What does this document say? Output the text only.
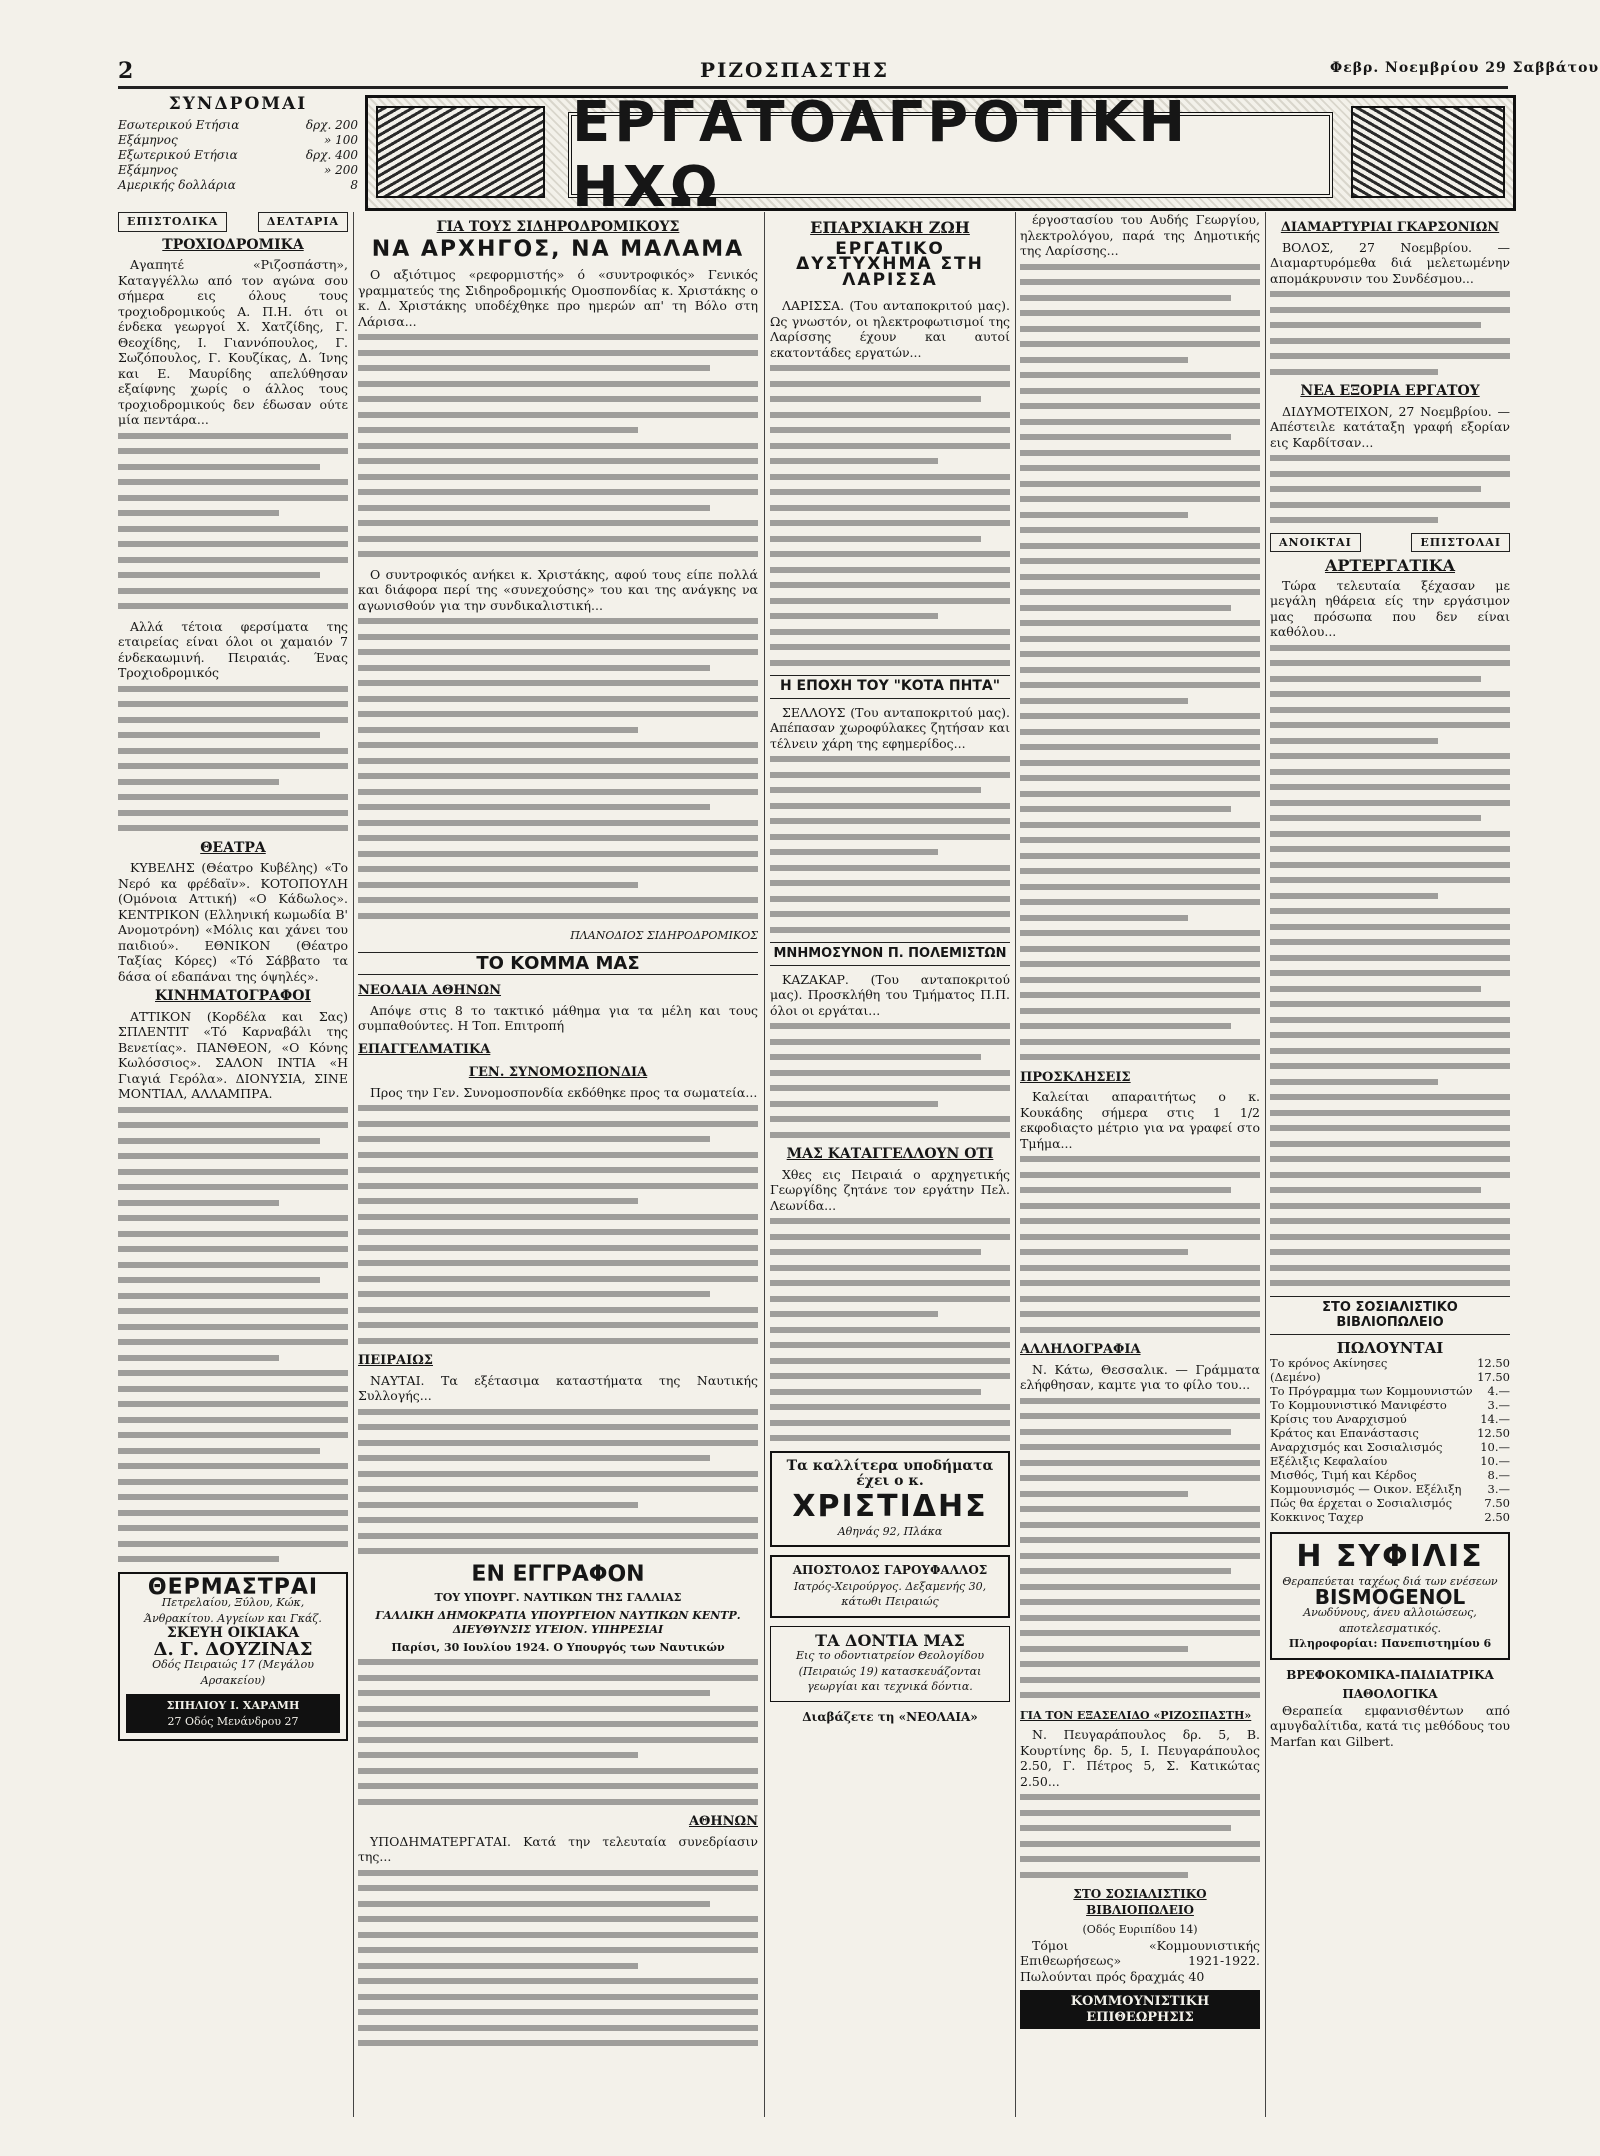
2	ΡΙΖΟΣΠΑΣΤΗΣ	Φεβρ. Νοεμβρίου 29 Σαββάτου
ΣΥΝΔΡΟΜΑΙ
Εσωτερικού Ετήσια	δρχ. 200
Εξάμηνος	» 100
Εξωτερικού Ετήσια	δρχ. 400
Εξάμηνος	» 200
Αμερικής δολλάρια	8
ΕΡΓΑΤΟΑΓΡΟΤΙΚΗ ΗΧΩ
ΕΠΙΣΤΟΛΙΚΑ	ΔΕΛΤΑΡΙΑ
ΤΡΟΧΙΟΔΡΟΜΙΚΑ

Αγαπητέ «Ριζοσπάστη», Καταγγέλλω από τον αγώνα σου σήμερα εις όλους τους τροχιοδρομικούς Α. Π.Η. ότι οι ένδεκα γεωργοί Χ. Χατζίδης, Γ. Θεοχίδης, Ι. Γιαννόπουλος, Γ. Σωζόπουλος, Γ. Κουζίκας, Δ. Ίνης και Ε. Μαυρίδης απελύθησαν εξαίφνης χωρίς ο άλλος τους τροχιοδρομικούς δεν έδωσαν ούτε μία πεντάρα...

Αλλά τέτοια φερσίματα της εταιρείας είναι όλοι οι χαμαιόν 7 ένδεκαωμινή. Πειραιάς. Ένας Τροχιοδρομικός

ΘΕΑΤΡΑ

ΚΥΒΕΛΗΣ (Θέατρο Κυβέλης) «Το Νερό κα φρέδαϊν». ΚΟΤΟΠΟΥΛΗ (Ομόνοια Αττική) «Ο Κάδωλος». ΚΕΝΤΡΙΚΟΝ (Ελληνική κωμωδία Β' Ανομοτρόνη) «Μόλις και χάνει του παιδιού». ΕΘΝΙΚΟΝ (Θέατρο Ταξίας Κόρες) «Τό Σάββατο τα δάσα οί εδαπάναι της όψηλές».

ΚΙΝΗΜΑΤΟΓΡΑΦΟΙ

ΑΤΤΙΚΟΝ (Κορδέλα και Σας) ΣΠΛΕΝΤΙΤ «Τό Καρναβάλι της Βενετίας». ΠΑΝΘΕΟΝ, «Ο Κόνης Κωλόσσιος». ΣΑΛΟΝ ΙΝΤΙΑ «Η Γιαγιά Γερόλα». ΔΙΟΝΥΣΙΑ, ΣΙΝΕ ΜΟΝΤΙΑΛ, ΑΛΛΑΜΠΡΑ.

ΘΕΡΜΑΣΤΡΑΙ
Πετρελαίου, Ξύλου, Κώκ, Άνθρακίτου. Αγγείων και Γκάζ.
ΣΚΕΥΗ ΟΙΚΙΑΚΑ
Δ. Γ. ΔΟΥΖΙΝΑΣ
Οδός Πειραιώς 17 (Μεγάλου Αρσακείου)
ΣΠΗΛΙΟΥ Ι. ΧΑΡΑΜΗ
27 Οδός Μενάνδρου 27
ΓΙΑ ΤΟΥΣ ΣΙΔΗΡΟΔΡΟΜΙΚΟΥΣ
ΝΑ ΑΡΧΗΓΟΣ, ΝΑ ΜΑΛΑΜΑ

Ο αξιότιμος «ρεφορμιστής» ό «συντροφικός» Γενικός γραμματεύς της Σιδηροδρομικής Ομοσπονδίας κ. Χριστάκης ο κ. Δ. Χριστάκης υποδέχθηκε προ ημερών απ' τη Βόλο στη Λάρισα...

Ο συντροφικός ανήκει κ. Χριστάκης, αφού τους είπε πολλά και διάφορα περί της «συνεχούσης» του και της ανάγκης να αγωνισθούν για την συνδικαλιστική...

ΠΛΑΝΟΔΙΟΣ ΣΙΔΗΡΟΔΡΟΜΙΚΟΣ
ΤΟ ΚΟΜΜΑ ΜΑΣ
ΝΕΟΛΑΙΑ ΑΘΗΝΩΝ

Απόψε στις 8 το τακτικό μάθημα για τα μέλη και τους συμπαθούντες. Η Τοπ. Επιτροπή

ΕΠΑΓΓΕΛΜΑΤΙΚΑ
ΓΕΝ. ΣΥΝΟΜΟΣΠΟΝΔΙΑ

Προς την Γεν. Συνομοσπονδία εκδόθηκε προς τα σωματεία...

ΠΕΙΡΑΙΩΣ

ΝΑΥΤΑΙ. Τα εξέτασιμα καταστήματα της Ναυτικής Συλλογής...

ΕΝ ΕΓΓΡΑΦΟΝ
ΤΟΥ ΥΠΟΥΡΓ. ΝΑΥΤΙΚΩΝ ΤΗΣ ΓΑΛΛΙΑΣ
ΓΑΛΛΙΚΗ ΔΗΜΟΚΡΑΤΙΑ ΥΠΟΥΡΓΕΙΟΝ ΝΑΥΤΙΚΩΝ ΚΕΝΤΡ. ΔΙΕΥΘΥΝΣΙΣ ΥΓΕΙΟΝ. ΥΠΗΡΕΣΙΑΙ
Παρίσι, 30 Ιουλίου 1924. Ο Υπουργός των Ναυτικών
ΑΘΗΝΩΝ

ΥΠΟΔΗΜΑΤΕΡΓΑΤΑΙ. Κατά την τελευταία συνεδρίασιν της...

ΕΠΑΡΧΙΑΚΗ ΖΩΗ
ΕΡΓΑΤΙΚΟ ΔΥΣΤΥΧΗΜΑ ΣΤΗ ΛΑΡΙΣΣΑ

ΛΑΡΙΣΣΑ. (Του ανταποκριτού μας). Ως γνωστόν, οι ηλεκτροφωτισμοί της Λαρίσσης έχουν και αυτοί εκατοντάδες εργατών...

Η ΕΠΟΧΗ ΤΟΥ "ΚΟΤΑ ΠΗΤΑ"

ΣΕΛΛΟΥΣ (Του ανταποκριτού μας). Απέπασαν χωροφύλακες ζητήσαν και τέλνειν χάρη της εφημερίδος...

ΜΝΗΜΟΣΥΝΟΝ Π. ΠΟΛΕΜΙΣΤΩΝ

ΚΑΖΑΚΑΡ. (Του ανταποκριτού μας). Προσκλήθη του Τμήματος Π.Π. όλοι οι εργάται...

ΜΑΣ ΚΑΤΑΓΓΕΛΛΟΥΝ ΟΤΙ

Χθες εις Πειραιά ο αρχηγετικής Γεωργίδης ζητάνε τον εργάτην Πελ. Λεωνίδα...

Τα καλλίτερα υποδήματα έχει ο κ.
ΧΡΙΣΤΙΔΗΣ
Αθηνάς 92, Πλάκα
ΑΠΟΣΤΟΛΟΣ ΓΑΡΟΥΦΑΛΛΟΣ
Ιατρός-Χειρούργος. Δεξαμενής 30, κάτωθι Πειραιώς
ΤΑ ΔΟΝΤΙΑ ΜΑΣ
Εις το οδοντιατρείον Θεολογίδου (Πειραιώς 19) κατασκευάζονται γεωργίαι και τεχνικά δόντια.
Διαβάζετε τη «ΝΕΟΛΑΙΑ»

έργοστασίου του Αυδής Γεωργίου, ηλεκτρολόγου, παρά της Δημοτικής της Λαρίσσης...

ΠΡΟΣΚΛΗΣΕΙΣ

Καλείται απαραιτήτως ο κ. Κουκάδης σήμερα στις 1 1/2 εκφοδιαςτο μέτριο για να γραφεί στο Τμήμα...

ΑΛΛΗΛΟΓΡΑΦΙΑ

Ν. Κάτω, Θεσσαλικ. — Γράμματα ελήφθησαν, καμτε για το φίλο του...

ΓΙΑ ΤΟΝ ΕΞΑΣΕΛΙΔΟ «ΡΙΖΟΣΠΑΣΤΗ»

Ν. Πευγαράπουλος δρ. 5, Β. Κουρτίνης δρ. 5, Ι. Πευγαράπουλος 2.50, Γ. Πέτρος 5, Σ. Κατικώτας 2.50...

ΣΤΟ ΣΟΣΙΑΛΙΣΤΙΚΟ ΒΙΒΛΙΟΠΩΛΕΙΟ
(Οδός Ευριπίδου 14)

Τόμοι «Κομμουνιστικής Επιθεωρήσεως» 1921-1922. Πωλούνται πρός δραχμάς 40

ΚΟΜΜΟΥΝΙΣΤΙΚΗ ΕΠΙΘΕΩΡΗΣΙΣ
ΔΙΑΜΑΡΤΥΡΙΑΙ ΓΚΑΡΣΟΝΙΩΝ

ΒΟΛΟΣ, 27 Νοεμβρίου. — Διαμαρτυρόμεθα διά μελετωμένην απομάκρυνσιν του Συνδέσμου...

ΝΕΑ ΕΞΟΡΙΑ ΕΡΓΑΤΟΥ

ΔΙΔΥΜΟΤΕΙΧΟΝ, 27 Νοεμβρίου. — Απέστειλε κατάταξη γραφή εξορίαν εις Καρδίτσαν...

ΑΝΟΙΚΤΑΙ	ΕΠΙΣΤΟΛΑΙ
ΑΡΤΕΡΓΑΤΙΚΑ

Τώρα τελευταία ξέχασαν με μεγάλη ηθάρεια είς την εργάσιμον μας πρόσωπα που δεν είναι καθόλου...

ΣΤΟ ΣΟΣΙΑΛΙΣΤΙΚΟ ΒΙΒΛΙΟΠΩΛΕΙΟ
ΠΩΛΟΥΝΤΑΙ
Το κρόνος Ακίνησες	12.50
(Δεμένο)	17.50
Το Πρόγραμμα των Κομμουνιστών 4.—
Το Κομμουνιστικό Μανιφέστο	3.—
Κρίσις του Αναρχισμού	14.—
Κράτος και Επανάστασις	12.50
Αναρχισμός και Σοσιαλισμός	10.—
Εξέλιξις Κεφαλαίου	10.—
Μισθός, Τιμή και Κέρδος	8.—
Κομμουνισμός — Οικον. Εξέλιξη 3.—
Πώς θα έρχεται ο Σοσιαλισμός	7.50
Κοκκινος Ταχερ	2.50
Η ΣΥΦΙΛΙΣ
Θεραπεύεται ταχέως διά των ενέσεων
BISMOGENOL
Ανωδύνους, άνευ αλλοιώσεως, αποτελεσματικός.
Πληροφορίαι: Πανεπιστημίου 6
ΒΡΕΦΟΚΟΜΙΚΑ-ΠΑΙΔΙΑΤΡΙΚΑ
ΠΑΘΟΛΟΓΙΚΑ

Θεραπεία εμφανισθέντων από αμυγδαλίτιδα, κατά τις μεθόδους του Marfan και Gilbert.
